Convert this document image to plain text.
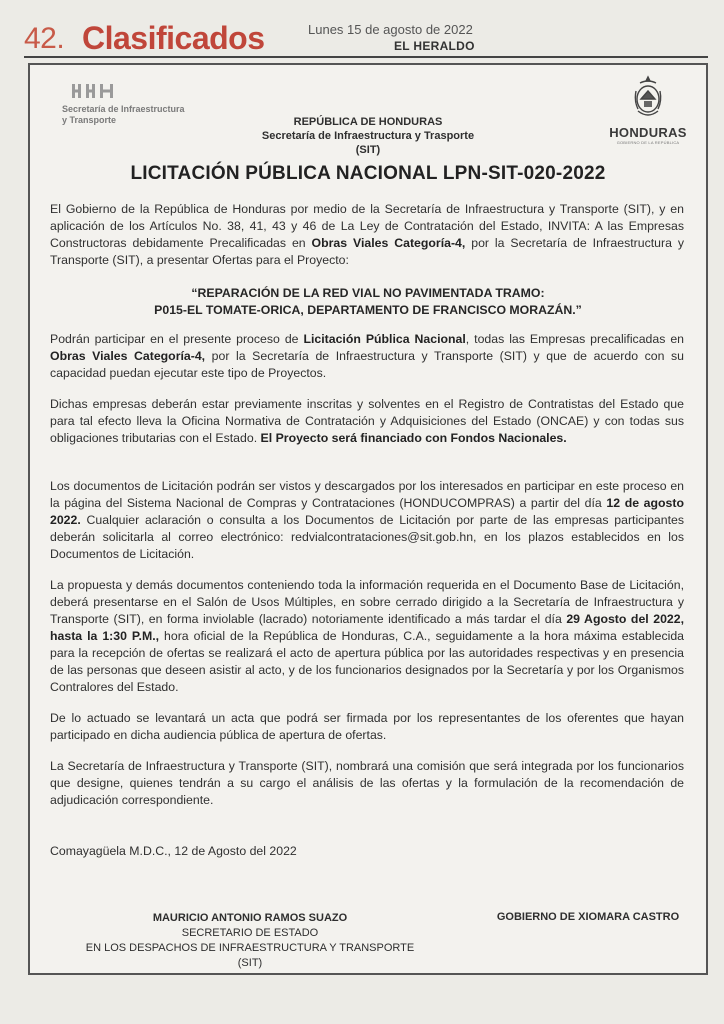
42. Clasificados	Lunes 15 de agosto de 2022
EL HERALDO
Secretaría de Infraestructura
y Transporte
HONDURAS
GOBIERNO DE LA REPÚBLICA
REPÚBLICA DE HONDURAS
Secretaría de Infraestructura y Trasporte
(SIT)
LICITACIÓN PÚBLICA NACIONAL LPN-SIT-020-2022

El Gobierno de la República de Honduras por medio de la Secretaría de Infraestructura y Transporte (SIT), y en aplicación de los Artículos No. 38, 41, 43 y 46 de La Ley de Contratación del Estado, INVITA: A las Empresas Constructoras debidamente Precalificadas en Obras Viales Categoría-4, por la Secretaría de Infraestructura y Transporte (SIT), a presentar Ofertas para el Proyecto:

“REPARACIÓN DE LA RED VIAL NO PAVIMENTADA TRAMO:
P015-EL TOMATE-ORICA, DEPARTAMENTO DE FRANCISCO MORAZÁN.”

Podrán participar en el presente proceso de Licitación Pública Nacional, todas las Empresas precalificadas en Obras Viales Categoría-4, por la Secretaría de Infraestructura y Transporte (SIT) y que de acuerdo con su capacidad puedan ejecutar este tipo de Proyectos.

Dichas empresas deberán estar previamente inscritas y solventes en el Registro de Contratistas del Estado que para tal efecto lleva la Oficina Normativa de Contratación y Adquisiciones del Estado (ONCAE) y con todas sus obligaciones tributarias con el Estado. El Proyecto será financiado con Fondos Nacionales.

Los documentos de Licitación podrán ser vistos y descargados por los interesados en participar en este proceso en la página del Sistema Nacional de Compras y Contrataciones (HONDUCOMPRAS) a partir del día 12 de agosto 2022. Cualquier aclaración o consulta a los Documentos de Licitación por parte de las empresas participantes deberán solicitarla al correo electrónico: redvialcontrataciones@sit.gob.hn, en los plazos establecidos en los Documentos de Licitación.

La propuesta y demás documentos conteniendo toda la información requerida en el Documento Base de Licitación, deberá presentarse en el Salón de Usos Múltiples, en sobre cerrado dirigido a la Secretaría de Infraestructura y Transporte (SIT), en forma inviolable (lacrado) notoriamente identificado a más tardar el día 29 Agosto del 2022, hasta la 1:30 P.M., hora oficial de la República de Honduras, C.A., seguidamente a la hora máxima establecida para la recepción de ofertas se realizará el acto de apertura pública por las autoridades respectivas y en presencia de las personas que deseen asistir al acto, y de los funcionarios designados por la Secretaría y por los Organismos Contralores del Estado.

De lo actuado se levantará un acta que podrá ser firmada por los representantes de los oferentes que hayan participado en dicha audiencia pública de apertura de ofertas.

La Secretaría de Infraestructura y Transporte (SIT), nombrará una comisión que será integrada por los funcionarios que designe, quienes tendrán a su cargo el análisis de las ofertas y la formulación de la recomendación de adjudicación correspondiente.

Comayagüela M.D.C., 12 de Agosto del 2022

MAURICIO ANTONIO RAMOS SUAZO
SECRETARIO DE ESTADO
EN LOS DESPACHOS DE INFRAESTRUCTURA Y TRANSPORTE
(SIT)
GOBIERNO DE XIOMARA CASTRO
